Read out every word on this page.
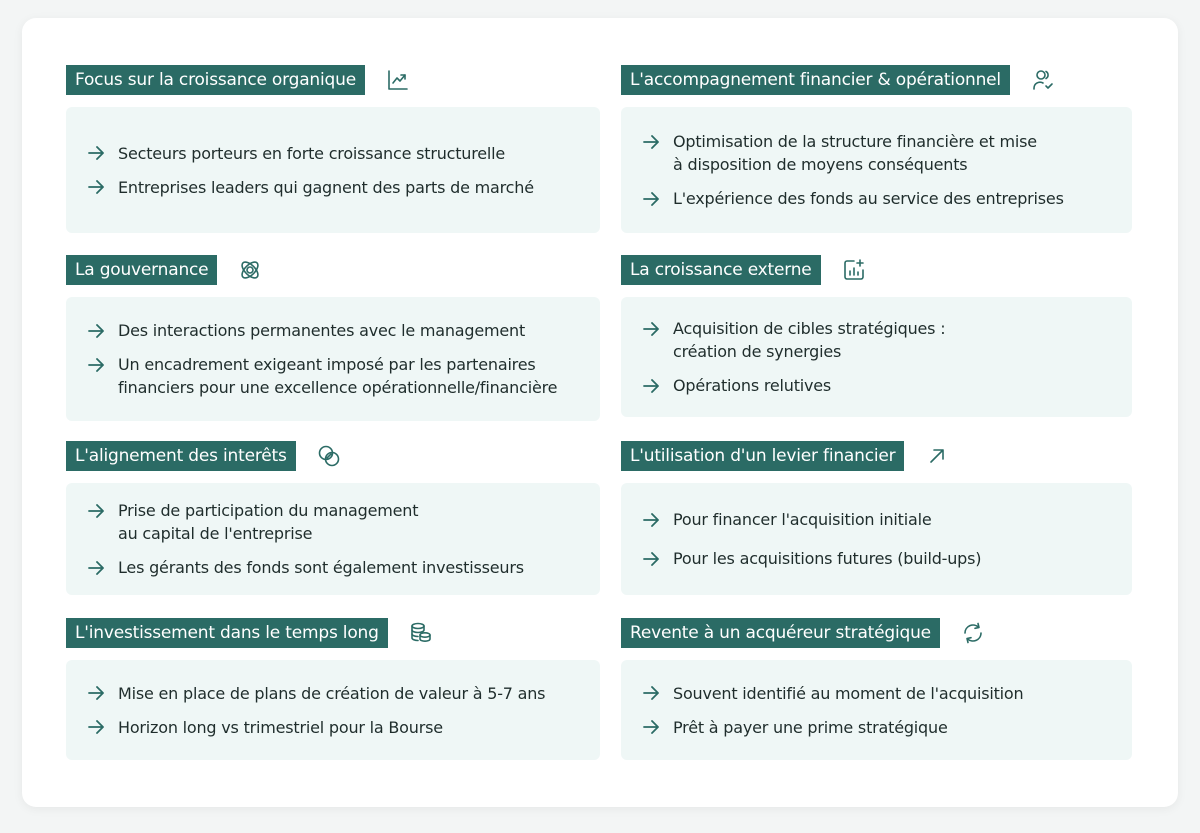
Focus sur la croissance organique
Secteurs porteurs en forte croissance structurelle
Entreprises leaders qui gagnent des parts de marché
L'accompagnement financier & opérationnel
Optimisation de la structure financière et mise
à disposition de moyens conséquents
L'expérience des fonds au service des entreprises
La gouvernance
Des interactions permanentes avec le management
Un encadrement exigeant imposé par les partenaires
financiers pour une excellence opérationnelle/financière
La croissance externe
Acquisition de cibles stratégiques :
création de synergies
Opérations relutives
L'alignement des interêts
Prise de participation du management
au capital de l'entreprise
Les gérants des fonds sont également investisseurs
L'utilisation d'un levier financier
Pour financer l'acquisition initiale
Pour les acquisitions futures (build-ups)
L'investissement dans le temps long
Mise en place de plans de création de valeur à 5-7 ans
Horizon long vs trimestriel pour la Bourse
Revente à un acquéreur stratégique
Souvent identifié au moment de l'acquisition
Prêt à payer une prime stratégique
